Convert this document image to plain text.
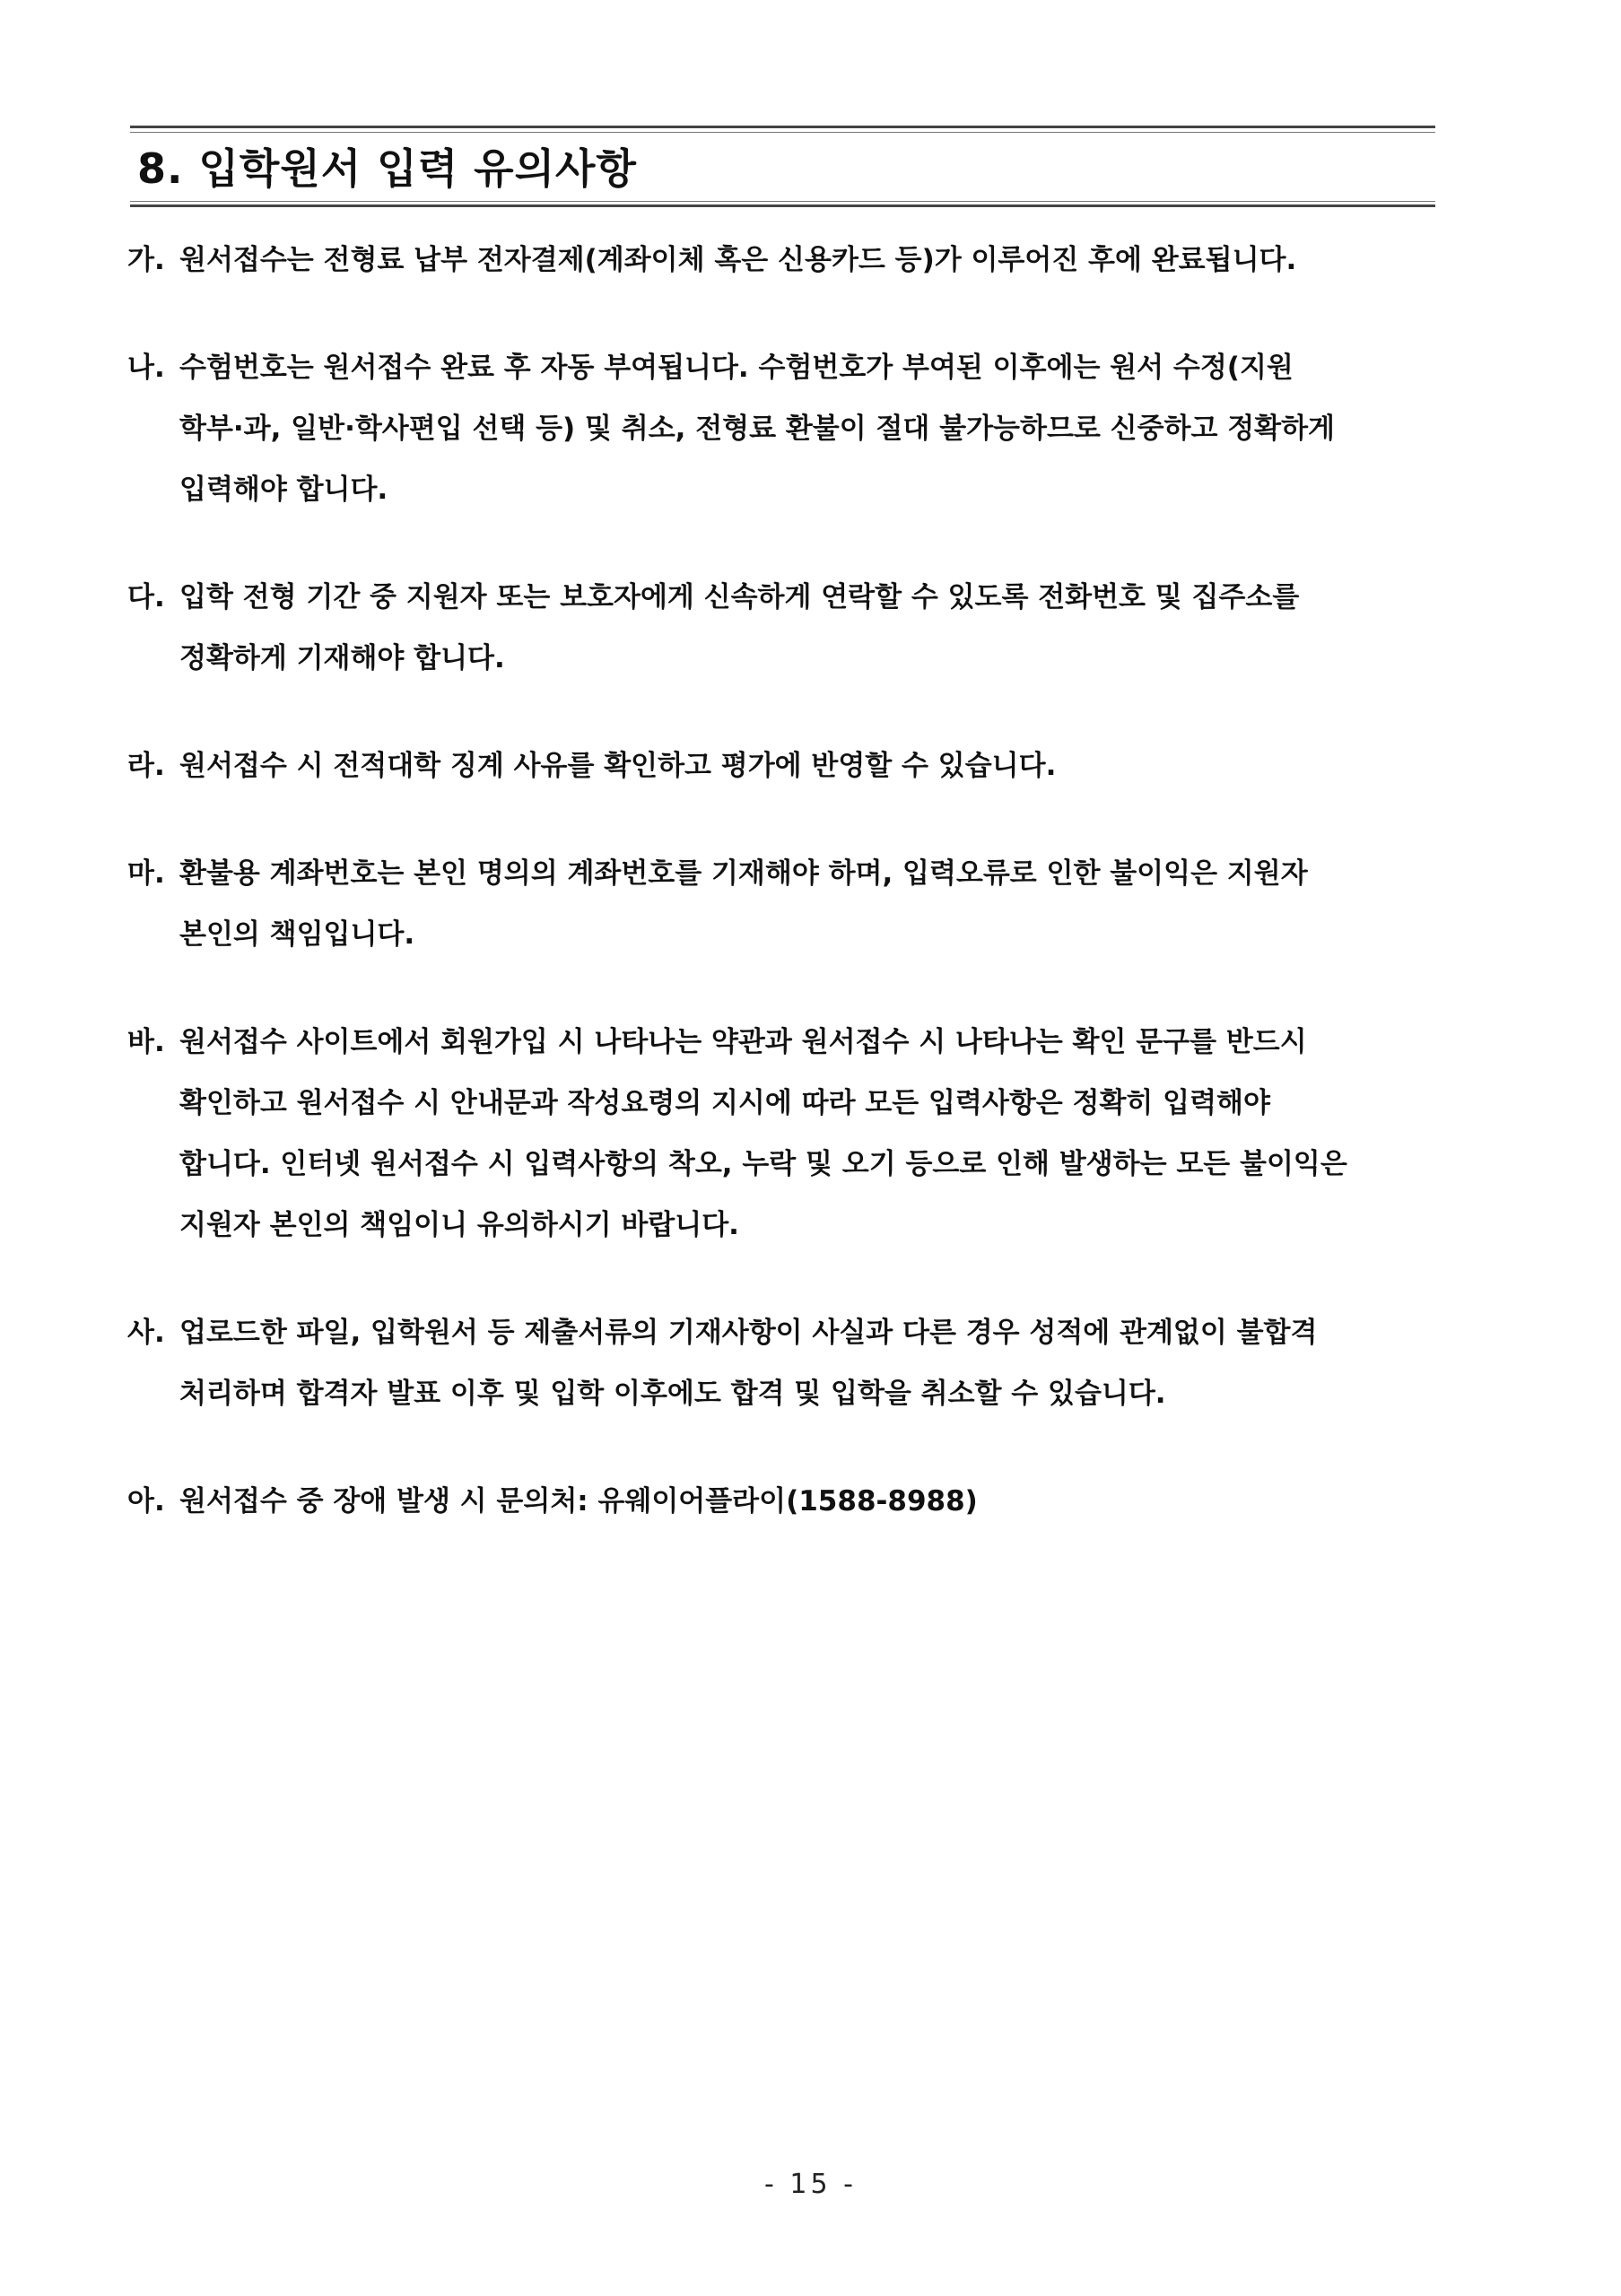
8. 입학원서 입력 유의사항
가. 원서접수는 전형료 납부 전자결제(계좌이체 혹은 신용카드 등)가 이루어진 후에 완료됩니다.
나. 수험번호는 원서접수 완료 후 자동 부여됩니다. 수험번호가 부여된 이후에는 원서 수정(지원
학부·과, 일반·학사편입 선택 등) 및 취소, 전형료 환불이 절대 불가능하므로 신중하고 정확하게
입력해야 합니다.
다. 입학 전형 기간 중 지원자 또는 보호자에게 신속하게 연락할 수 있도록 전화번호 및 집주소를
정확하게 기재해야 합니다.
라. 원서접수 시 전적대학 징계 사유를 확인하고 평가에 반영할 수 있습니다.
마. 환불용 계좌번호는 본인 명의의 계좌번호를 기재해야 하며, 입력오류로 인한 불이익은 지원자
본인의 책임입니다.
바. 원서접수 사이트에서 회원가입 시 나타나는 약관과 원서접수 시 나타나는 확인 문구를 반드시
확인하고 원서접수 시 안내문과 작성요령의 지시에 따라 모든 입력사항은 정확히 입력해야
합니다. 인터넷 원서접수 시 입력사항의 착오, 누락 및 오기 등으로 인해 발생하는 모든 불이익은
지원자 본인의 책임이니 유의하시기 바랍니다.
사. 업로드한 파일, 입학원서 등 제출서류의 기재사항이 사실과 다른 경우 성적에 관계없이 불합격
처리하며 합격자 발표 이후 및 입학 이후에도 합격 및 입학을 취소할 수 있습니다.
아. 원서접수 중 장애 발생 시 문의처: 유웨이어플라이(1588-8988)
- 15 -
